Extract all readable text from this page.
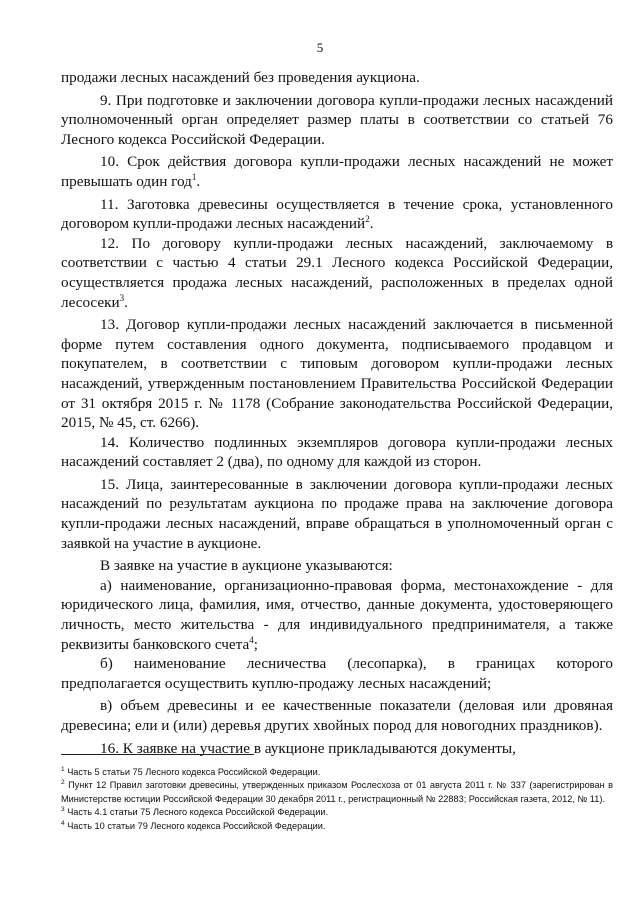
5

продажи лесных насаждений без проведения аукциона.

9. При подготовке и заключении договора купли-продажи лесных насаждений уполномоченный орган определяет размер платы в соответствии со статьей 76 Лесного кодекса Российской Федерации.

10. Срок действия договора купли-продажи лесных насаждений не может превышать один год$^1$.

11. Заготовка древесины осуществляется в течение срока, установленного договором купли-продажи лесных насаждений$^2$.

12. По договору купли-продажи лесных насаждений, заключаемому в соответствии с частью 4 статьи 29.1 Лесного кодекса Российской Федерации, осуществляется продажа лесных насаждений, расположенных в пределах одной лесосеки$^3$.

13. Договор купли-продажи лесных насаждений заключается в письменной форме путем составления одного документа, подписываемого продавцом и покупателем, в соответствии с типовым договором купли-продажи лесных насаждений, утвержденным постановлением Правительства Российской Федерации от 31 октября 2015 г. № 1178 (Собрание законодательства Российской Федерации, 2015, № 45, ст. 6266).

14. Количество подлинных экземпляров договора купли-продажи лесных насаждений составляет 2 (два), по одному для каждой из сторон.

15. Лица, заинтересованные в заключении договора купли-продажи лесных насаждений по результатам аукциона по продаже права на заключение договора купли-продажи лесных насаждений, вправе обращаться в уполномоченный орган с заявкой на участие в аукционе.

В заявке на участие в аукционе указываются:

а) наименование, организационно-правовая форма, местонахождение - для юридического лица, фамилия, имя, отчество, данные документа, удостоверяющего личность, место жительства - для индивидуального предпринимателя, а также реквизиты банковского счета$^4$;

б) наименование лесничества (лесопарка), в границах которого предполагается осуществить куплю-продажу лесных насаждений;

в) объем древесины и ее качественные показатели (деловая или дровяная древесина; ели и (или) деревья других хвойных пород для новогодних праздников).

16. К заявке на участие в аукционе прикладываются документы,

$^1$ Часть 5 статьи 75 Лесного кодекса Российской Федерации.

$^2$ Пункт 12 Правил заготовки древесины, утвержденных приказом Рослесхоза от 01 августа 2011 г. № 337 (зарегистрирован в Министерстве юстиции Российской Федерации 30 декабря 2011 г., регистрационный № 22883; Российская газета, 2012, № 11).

$^3$ Часть 4.1 статьи 75 Лесного кодекса Российской Федерации.

$^4$ Часть 10 статьи 79 Лесного кодекса Российской Федерации.
